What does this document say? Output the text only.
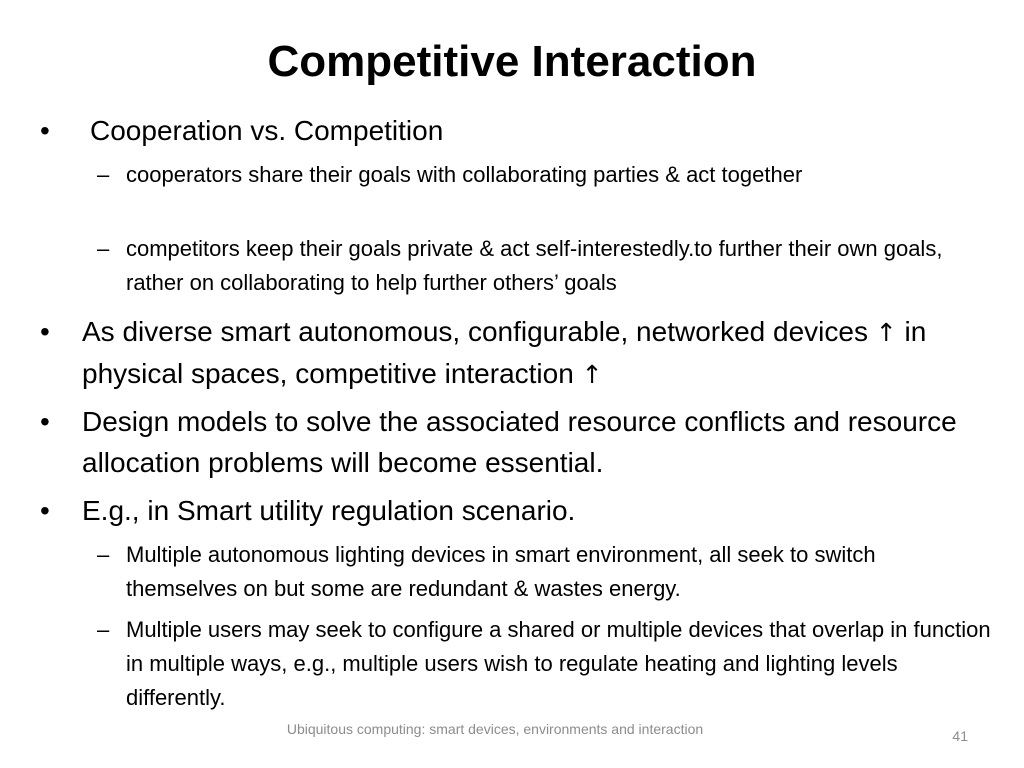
Competitive Interaction
• Cooperation vs. Competition
– cooperators share their goals with collaborating parties & act together
– competitors keep their goals private & act self-interestedly.to further their own goals, rather on collaborating to help further others’ goals
• As diverse smart autonomous, configurable, networked devices ↑ in physical spaces, competitive interaction ↑
• Design models to solve the associated resource conflicts and resource allocation problems will become essential.
• E.g., in Smart utility regulation scenario.
– Multiple autonomous lighting devices in smart environment, all seek to switch themselves on but some are redundant & wastes energy.
– Multiple users may seek to configure a shared or multiple devices that overlap in function in multiple ways, e.g., multiple users wish to regulate heating and lighting levels differently.
Ubiquitous computing: smart devices, environments and interaction	41
